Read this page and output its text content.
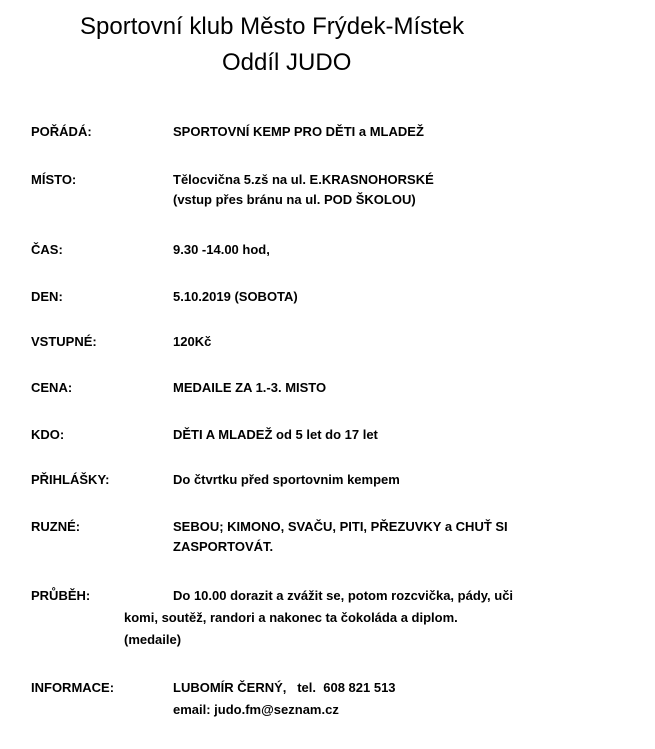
Sportovní klub Město Frýdek-Místek
Oddíl JUDO
POŘÁDÁ:	SPORTOVNÍ KEMP PRO DĚTI a MLADEŽ
MÍSTO:	Tělocvična 5.zš na ul. E.KRASNOHORSKÉ
(vstup přes bránu na ul. POD ŠKOLOU)
ČAS:	9.30 -14.00 hod,
DEN:	5.10.2019 (SOBOTA)
VSTUPNÉ:	120Kč
CENA:	MEDAILE ZA 1.-3. MISTO
KDO:	DĚTI A MLADEŽ od 5 let do 17 let
PŘIHLÁŠKY:	Do čtvrtku před sportovnim kempem
RUZNÉ:	SEBOU; KIMONO, SVAČU, PITI, PŘEZUVKY a CHUŤ SI
ZASPORTOVÁT.
PRŮBĚH:	Do 10.00 dorazit a zvážit se, potom rozcvička, pády, uči
komi, soutěž, randori a nakonec ta čokoláda a diplom.
(medaile)
INFORMACE:	LUBOMÍR ČERNÝ,   tel.  608 821 513
email: judo.fm@seznam.cz
